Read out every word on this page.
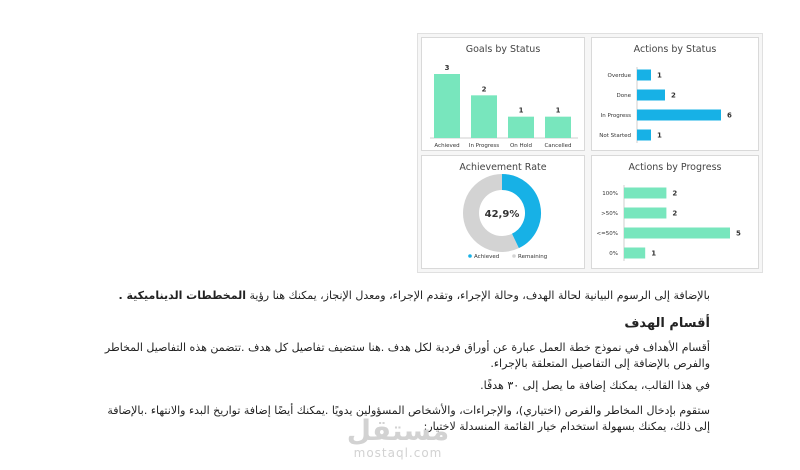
Goals by Status
3
Achieved
2
In Progress
1
On Hold
1
Cancelled
Actions by Status
Overdue	1
Done	2
In Progress	6
Not Started	1
Achievement Rate
42,9%
Achieved	Remaining
Actions by Progress
100%	2
>50%	2
<=50%	5
0%	1
بالإضافة إلى الرسوم البيانية لحالة الهدف، وحالة الإجراء، وتقدم الإجراء، ومعدل الإنجاز، يمكنك هنا رؤية المخططات الديناميكية .
أقسام الهدف
أقسام الأهداف في نموذج خطة العمل عبارة عن أوراق فردية لكل هدف .هنا ستضيف تفاصيل كل هدف .تتضمن هذه التفاصيل المخاطر والفرص بالإضافة إلى التفاصيل المتعلقة بالإجراء.
في هذا القالب، يمكنك إضافة ما يصل إلى ٣٠ هدفًا.
ستقوم بإدخال المخاطر والفرص (اختياري)، والإجراءات، والأشخاص المسؤولين يدويًا .يمكنك أيضًا إضافة تواريخ البدء والانتهاء .بالإضافة إلى ذلك، يمكنك بسهولة استخدام خيار القائمة المنسدلة لاختيار:
مستقل
mostaql.com
